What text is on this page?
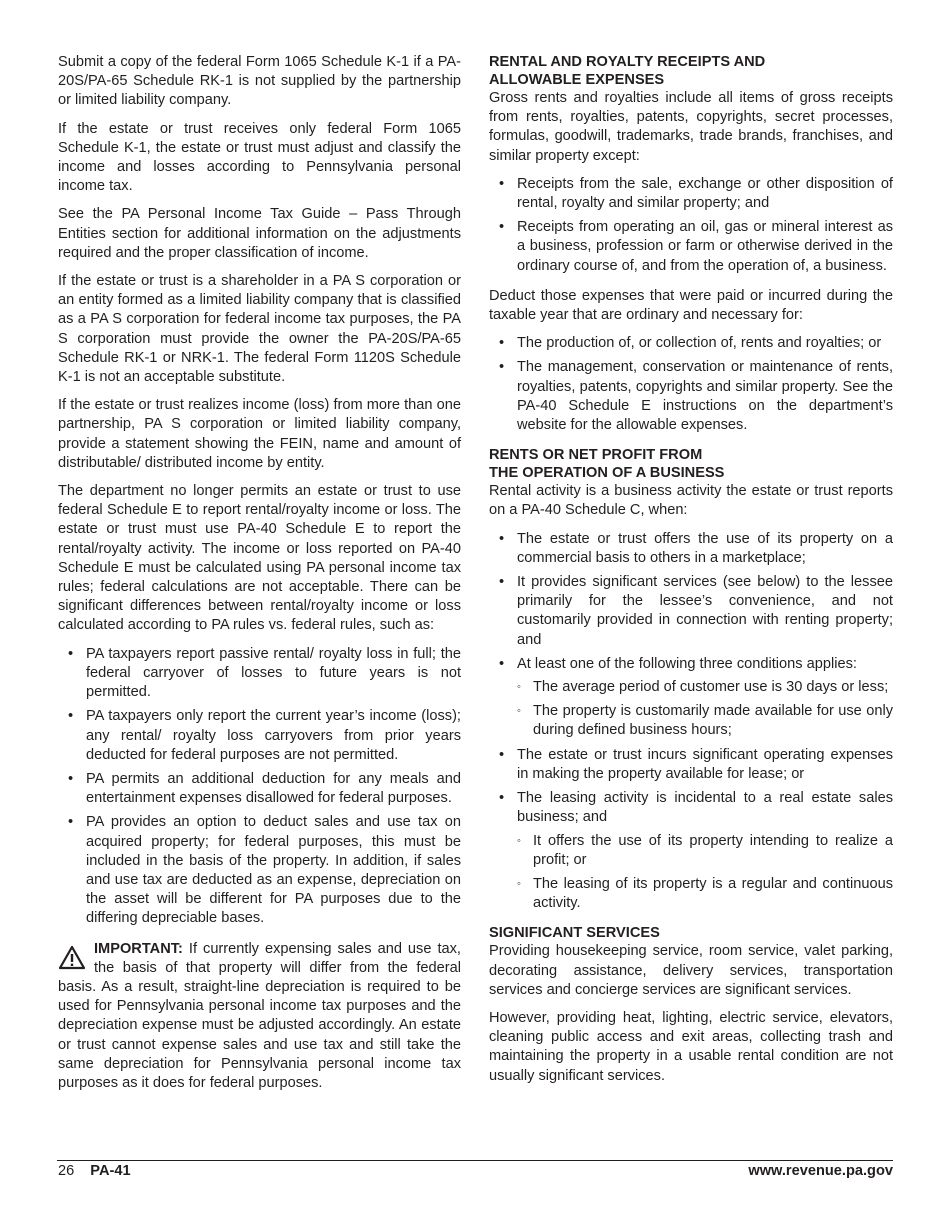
Submit a copy of the federal Form 1065 Schedule K-1 if a PA-20S/PA-65 Schedule RK-1 is not supplied by the partnership or limited liability company.

If the estate or trust receives only federal Form 1065 Schedule K-1, the estate or trust must adjust and classify the income and losses according to Pennsylvania personal income tax.

See the PA Personal Income Tax Guide – Pass Through Entities section for additional information on the adjustments required and the proper classification of income.

If the estate or trust is a shareholder in a PA S corporation or an entity formed as a limited liability company that is classified as a PA S corporation for federal income tax purposes, the PA S corporation must provide the owner the PA-20S/PA-65 Schedule RK-1 or NRK-1. The federal Form 1120S Schedule K-1 is not an acceptable substitute.

If the estate or trust realizes income (loss) from more than one partnership, PA S corporation or limited liability company, provide a statement showing the FEIN, name and amount of distributable/ distributed income by entity.

The department no longer permits an estate or trust to use federal Schedule E to report rental/royalty income or loss. The estate or trust must use PA-40 Schedule E to report the rental/royalty activity. The income or loss reported on PA-40 Schedule E must be calculated using PA personal income tax rules; federal calculations are not acceptable. There can be significant differences between rental/royalty income or loss calculated according to PA rules vs. federal rules, such as:

• PA taxpayers report passive rental/ royalty loss in full; the federal carryover of losses to future years is not permitted.
• PA taxpayers only report the current year’s income (loss); any rental/ royalty loss carryovers from prior years deducted for federal purposes are not permitted.
• PA permits an additional deduction for any meals and entertainment expenses disallowed for federal purposes.
• PA provides an option to deduct sales and use tax on acquired property; for federal purposes, this must be included in the basis of the property. In addition, if sales and use tax are deducted as an expense, depreciation on the asset will be different for PA purposes due to the differing depreciable bases.

IMPORTANT: If currently expensing sales and use tax, the basis of that property will differ from the federal basis. As a result, straight-line depreciation is required to be used for Pennsylvania personal income tax purposes and the depreciation expense must be adjusted accordingly. An estate or trust cannot expense sales and use tax and still take the same depreciation for Pennsylvania personal income tax purposes as it does for federal purposes.

RENTAL AND ROYALTY RECEIPTS AND
ALLOWABLE EXPENSES

Gross rents and royalties include all items of gross receipts from rents, royalties, patents, copyrights, secret processes, formulas, goodwill, trademarks, trade brands, franchises, and similar property except:

• Receipts from the sale, exchange or other disposition of rental, royalty and similar property; and
• Receipts from operating an oil, gas or mineral interest as a business, profession or farm or otherwise derived in the ordinary course of, and from the operation of, a business.

Deduct those expenses that were paid or incurred during the taxable year that are ordinary and necessary for:

• The production of, or collection of, rents and royalties; or
• The management, conservation or maintenance of rents, royalties, patents, copyrights and similar property. See the PA-40 Schedule E instructions on the department’s website for the allowable expenses.
RENTS OR NET PROFIT FROM
THE OPERATION OF A BUSINESS

Rental activity is a business activity the estate or trust reports on a PA-40 Schedule C, when:

• The estate or trust offers the use of its property on a commercial basis to others in a marketplace;
• It provides significant services (see below) to the lessee primarily for the lessee’s convenience, and not customarily provided in connection with renting property; and
• At least one of the following three conditions applies:
◦ The average period of customer use is 30 days or less;
◦ The property is customarily made available for use only during defined business hours;
• The estate or trust incurs significant operating expenses in making the property available for lease; or
• The leasing activity is incidental to a real estate sales business; and
◦ It offers the use of its property intending to realize a profit; or
◦ The leasing of its property is a regular and continuous activity.
SIGNIFICANT SERVICES

Providing housekeeping service, room service, valet parking, decorating assistance, delivery services, transportation services and concierge services are significant services.

However, providing heat, lighting, electric service, elevators, cleaning public access and exit areas, collecting trash and maintaining the property in a usable rental condition are not usually significant services.

26 PA-41	www.revenue.pa.gov
